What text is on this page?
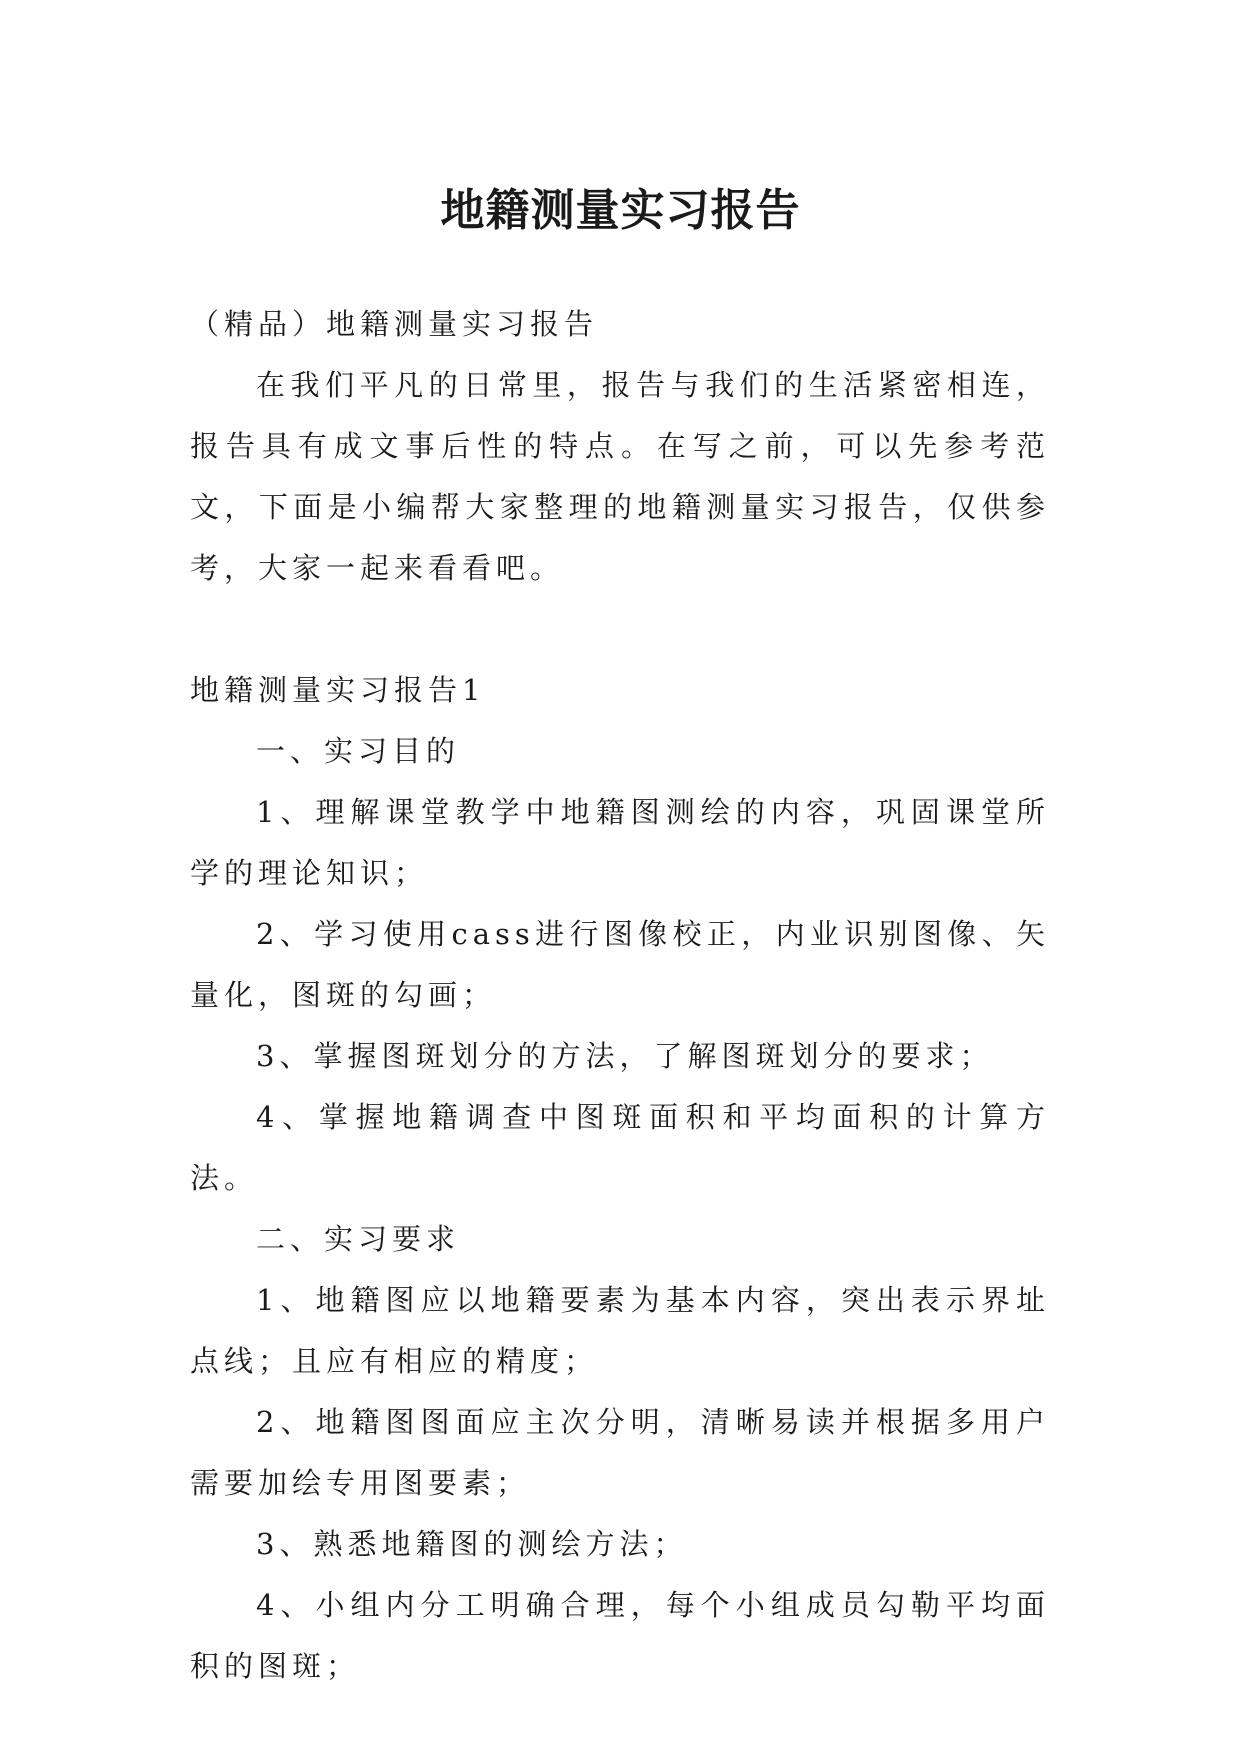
地籍测量实习报告

（精品）地籍测量实习报告

在我们平凡的日常里，报告与我们的生活紧密相连，报告具有成文事后性的特点。在写之前，可以先参考范文，下面是小编帮大家整理的地籍测量实习报告，仅供参考，大家一起来看看吧。

地籍测量实习报告1

一、实习目的

1、理解课堂教学中地籍图测绘的内容，巩固课堂所学的理论知识；

2、学习使用cass进行图像校正，内业识别图像、矢量化，图斑的勾画；

3、掌握图斑划分的方法，了解图斑划分的要求；

4、掌握地籍调查中图斑面积和平均面积的计算方法。

二、实习要求

1、地籍图应以地籍要素为基本内容，突出表示界址点线；且应有相应的精度；

2、地籍图图面应主次分明，清晰易读并根据多用户需要加绘专用图要素；

3、熟悉地籍图的测绘方法；

4、小组内分工明确合理，每个小组成员勾勒平均面积的图斑；
